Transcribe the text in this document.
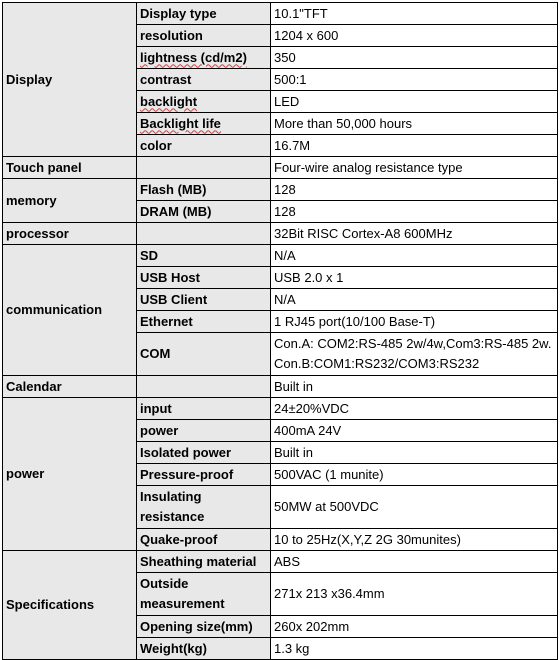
Display	Display type	10.1"TFT
	resolution	1204 x 600
	lightness (cd/m2)	350
	contrast	500:1
	backlight	LED
	Backlight life	More than 50,000 hours
	color	16.7M
Touch panel		Four-wire analog resistance type
memory	Flash (MB)	128
	DRAM (MB)	128
processor		32Bit RISC Cortex-A8 600MHz
communication	SD	N/A
	USB Host	USB 2.0 x 1
	USB Client	N/A
	Ethernet	1 RJ45 port(10/100 Base-T)
	COM	Con.A: COM2:RS-485 2w/4w,Com3:RS-485 2w. Con.B:COM1:RS232/COM3:RS232
Calendar		Built in
power	input	24±20%VDC
	power	400mA 24V
	Isolated power	Built in
	Pressure-proof	500VAC (1 munite)
	Insulating resistance	50MW at 500VDC
	Quake-proof	10 to 25Hz(X,Y,Z 2G 30munites)
Specifications	Sheathing material	ABS
	Outside measurement	271x 213 x36.4mm
	Opening size(mm)	260x 202mm
	Weight(kg)	1.3 kg
